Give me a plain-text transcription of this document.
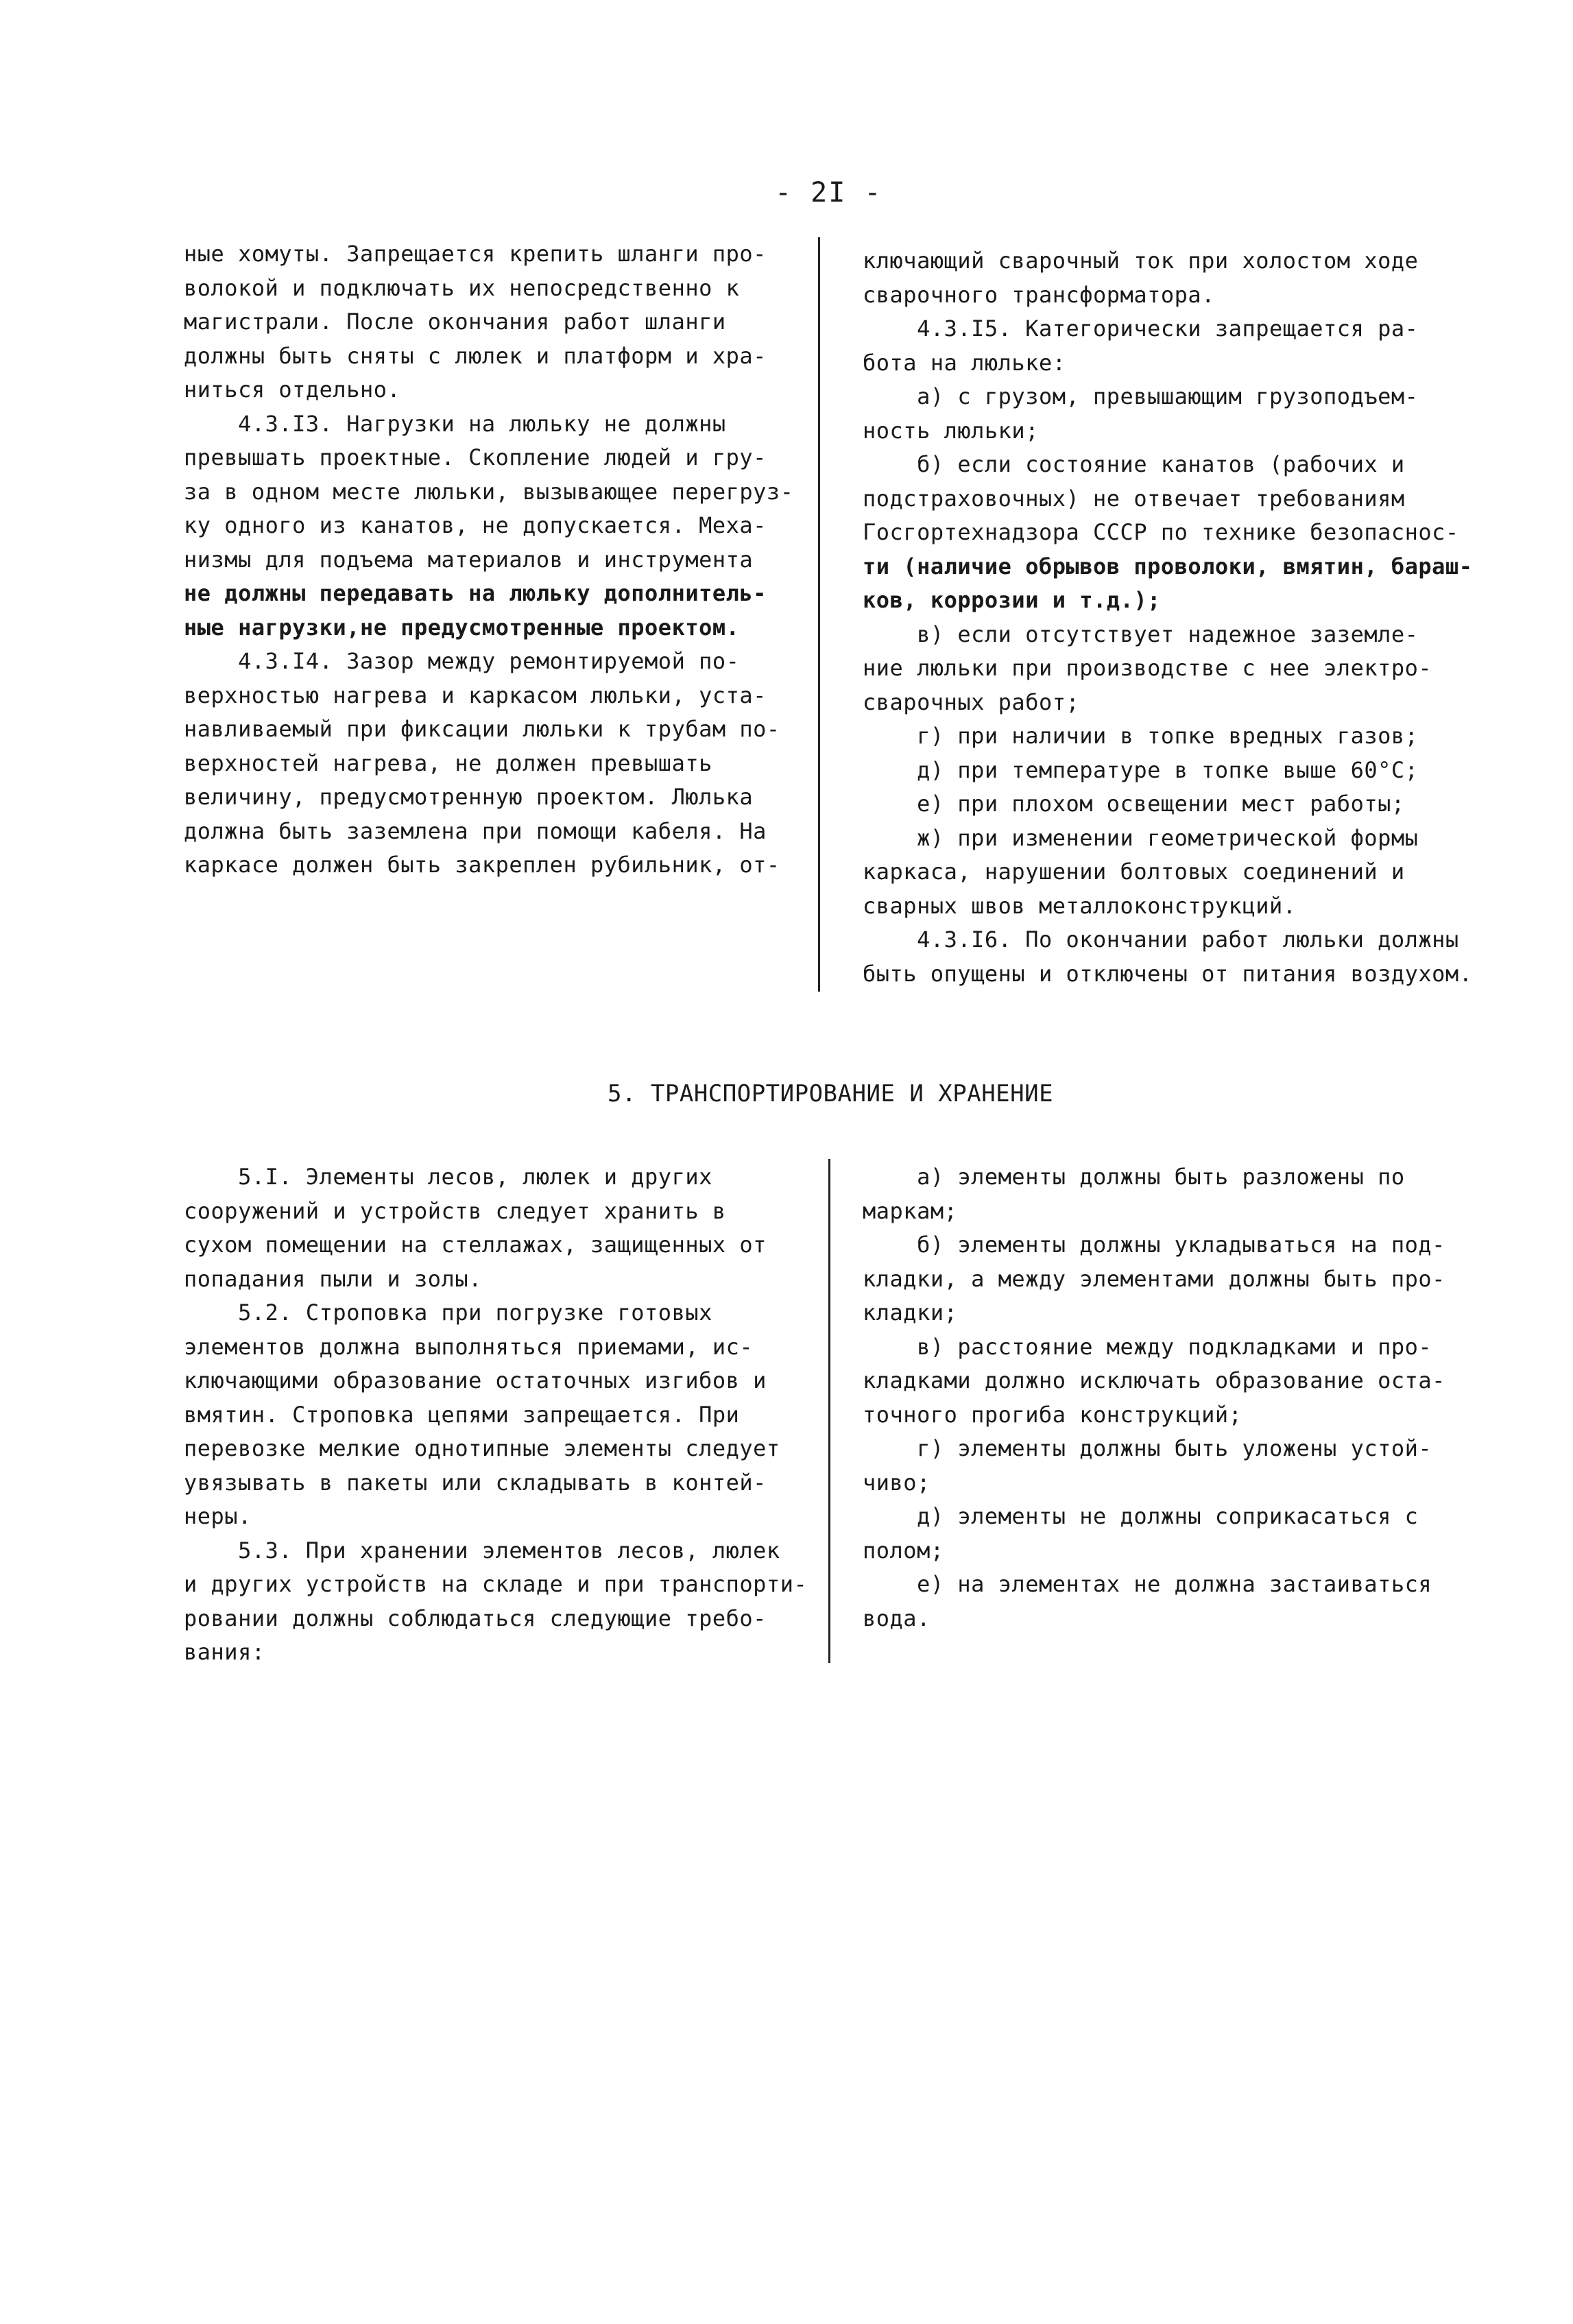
- 2I -
ные хомуты. Запрещается крепить шланги про-
волокой и подключать их непосредственно к
магистрали. После окончания работ шланги
должны быть сняты с люлек и платформ и хра-
ниться отдельно.
4.3.I3. Нагрузки на люльку не должны
превышать проектные. Скопление людей и гру-
за в одном месте люльки, вызывающее перегруз-
ку одного из канатов, не допускается. Меха-
низмы для подъема материалов и инструмента
не должны передавать на люльку дополнитель-
ные нагрузки,не предусмотренные проектом.
4.3.I4. Зазор между ремонтируемой по-
верхностью нагрева и каркасом люльки, уста-
навливаемый при фиксации люльки к трубам по-
верхностей нагрева, не должен превышать
величину, предусмотренную проектом. Люлька
должна быть заземлена при помощи кабеля. На
каркасе должен быть закреплен рубильник, от-
ключающий сварочный ток при холостом ходе
сварочного трансформатора.
4.3.I5. Категорически запрещается ра-
бота на люльке:
а) с грузом, превышающим грузоподъем-
ность люльки;
б) если состояние канатов (рабочих и
подстраховочных) не отвечает требованиям
Госгортехнадзора СССР по технике безопаснос-
ти (наличие обрывов проволоки, вмятин, бараш-
ков, коррозии и т.д.);
в) если отсутствует надежное заземле-
ние люльки при производстве с нее электро-
сварочных работ;
г) при наличии в топке вредных газов;
д) при температуре в топке выше 60°С;
е) при плохом освещении мест работы;
ж) при изменении геометрической формы
каркаса, нарушении болтовых соединений и
сварных швов металлоконструкций.
4.3.I6. По окончании работ люльки должны
быть опущены и отключены от питания воздухом.
5. ТРАНСПОРТИРОВАНИЕ И ХРАНЕНИЕ
5.I. Элементы лесов, люлек и других
сооружений и устройств следует хранить в
сухом помещении на стеллажах, защищенных от
попадания пыли и золы.
5.2. Строповка при погрузке готовых
элементов должна выполняться приемами, ис-
ключающими образование остаточных изгибов и
вмятин. Строповка цепями запрещается. При
перевозке мелкие однотипные элементы следует
увязывать в пакеты или складывать в контей-
неры.
5.3. При хранении элементов лесов, люлек
и других устройств на складе и при транспорти-
ровании должны соблюдаться следующие требо-
вания:
а) элементы должны быть разложены по
маркам;
б) элементы должны укладываться на под-
кладки, а между элементами должны быть про-
кладки;
в) расстояние между подкладками и про-
кладками должно исключать образование оста-
точного прогиба конструкций;
г) элементы должны быть уложены устой-
чиво;
д) элементы не должны соприкасаться с
полом;
е) на элементах не должна застаиваться
вода.
